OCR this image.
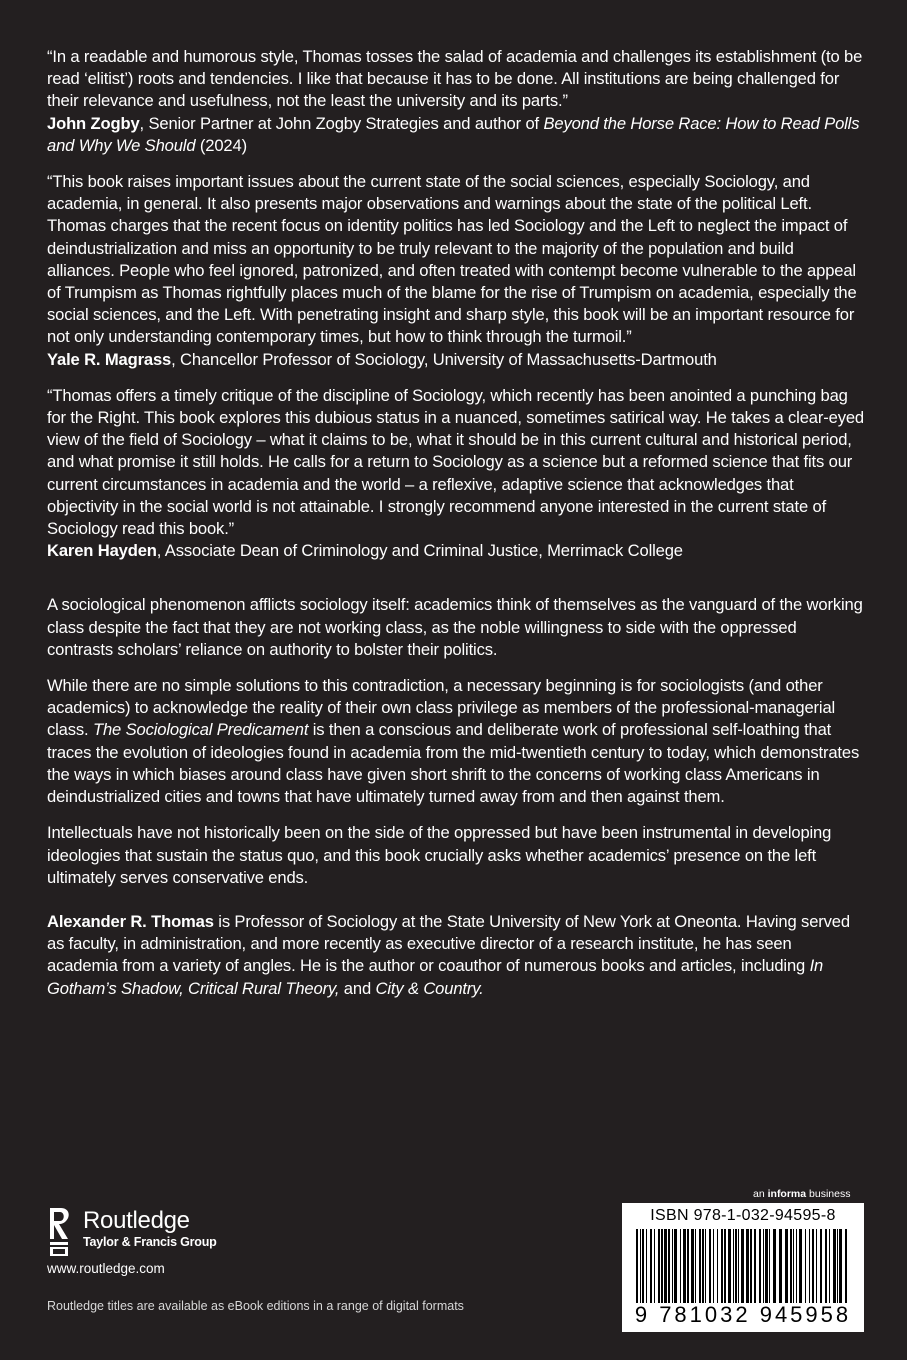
“In a readable and humorous style, Thomas tosses the salad of academia and challenges its establishment (to be read ‘elitist’) roots and tendencies. I like that because it has to be done. All institutions are being challenged for their relevance and usefulness, not the least the university and its parts.”

John Zogby, Senior Partner at John Zogby Strategies and author of Beyond the Horse Race: How to Read Polls and Why We Should (2024)

“This book raises important issues about the current state of the social sciences, especially Sociology, and academia, in general. It also presents major observations and warnings about the state of the political Left. Thomas charges that the recent focus on identity politics has led Sociology and the Left to neglect the impact of deindustrialization and miss an opportunity to be truly relevant to the majority of the population and build alliances. People who feel ignored, patronized, and often treated with contempt become vulnerable to the appeal of Trumpism as Thomas rightfully places much of the blame for the rise of Trumpism on academia, especially the social sciences, and the Left. With penetrating insight and sharp style, this book will be an important resource for not only understanding contemporary times, but how to think through the turmoil.”

Yale R. Magrass, Chancellor Professor of Sociology, University of Massachusetts-Dartmouth

“Thomas offers a timely critique of the discipline of Sociology, which recently has been anointed a punching bag for the Right. This book explores this dubious status in a nuanced, sometimes satirical way. He takes a clear-eyed view of the field of Sociology – what it claims to be, what it should be in this current cultural and historical period, and what promise it still holds. He calls for a return to Sociology as a science but a reformed science that fits our current circumstances in academia and the world – a reflexive, adaptive science that acknowledges that objectivity in the social world is not attainable. I strongly recommend anyone interested in the current state of Sociology read this book.”

Karen Hayden, Associate Dean of Criminology and Criminal Justice, Merrimack College

A sociological phenomenon afflicts sociology itself: academics think of themselves as the vanguard of the working class despite the fact that they are not working class, as the noble willingness to side with the oppressed contrasts scholars’ reliance on authority to bolster their politics.

While there are no simple solutions to this contradiction, a necessary beginning is for sociologists (and other academics) to acknowledge the reality of their own class privilege as members of the professional-managerial class. The Sociological Predicament is then a conscious and deliberate work of professional self-loathing that traces the evolution of ideologies found in academia from the mid-twentieth century to today, which demonstrates the ways in which biases around class have given short shrift to the concerns of working class Americans in deindustrialized cities and towns that have ultimately turned away from and then against them.

Intellectuals have not historically been on the side of the oppressed but have been instrumental in developing ideologies that sustain the status quo, and this book crucially asks whether academics’ presence on the left ultimately serves conservative ends.

Alexander R. Thomas is Professor of Sociology at the State University of New York at Oneonta. Having served as faculty, in administration, and more recently as executive director of a research institute, he has seen academia from a variety of angles. He is the author or coauthor of numerous books and articles, including In Gotham’s Shadow, Critical Rural Theory, and City & Country.

Routledge
Taylor & Francis Group
www.routledge.com
Routledge titles are available as eBook editions in a range of digital formats
an informa business
ISBN 978-1-032-94595-8
9 781032 945958
